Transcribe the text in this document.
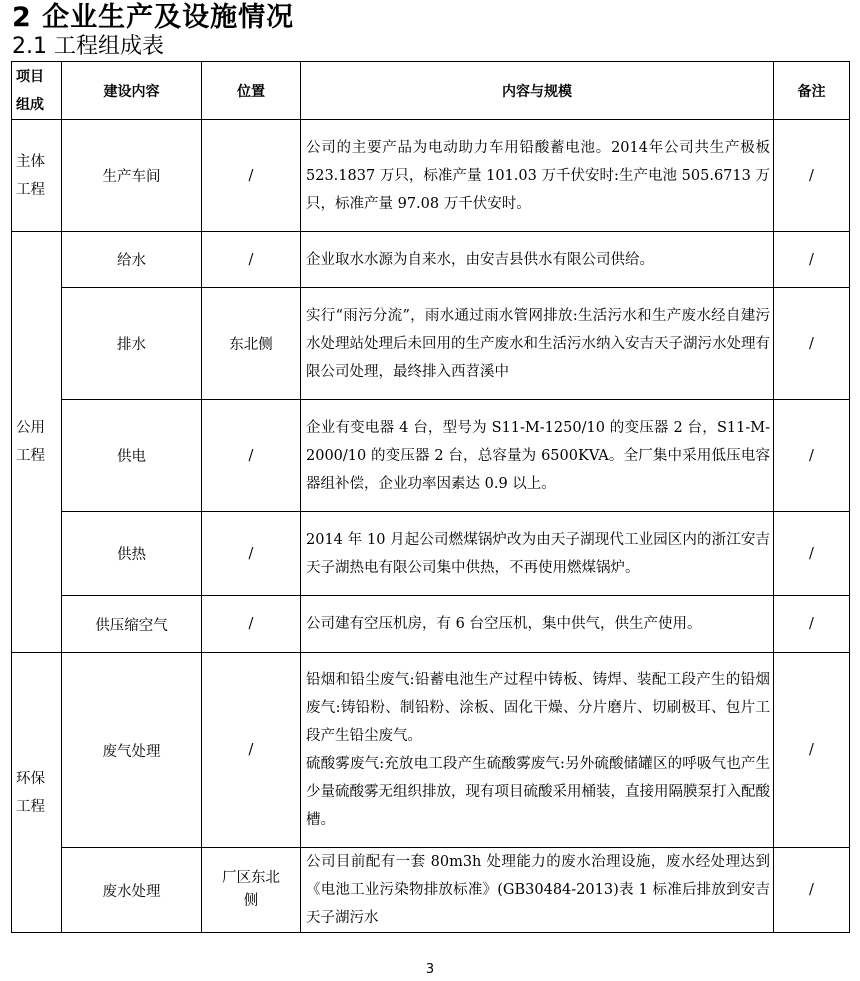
2 企业生产及设施情况
2.1 工程组成表
项目
组成	建设内容	位置	内容与规模	备注
主体
工程	生产车间	/	公司的主要产品为电动助力车用铅酸蓄电池。2014年公司共生产极板 523.1837 万只，标准产量 101.03 万千伏安时:生产电池 505.6713 万只，标准产量 97.08 万千伏安时。	/
公用
工程	给水	/	企业取水水源为自来水，由安吉县供水有限公司供给。	/
	排水	东北侧	实行“雨污分流”，雨水通过雨水管网排放:生活污水和生产废水经自建污水处理站处理后未回用的生产废水和生活污水纳入安吉天子湖污水处理有限公司处理，最终排入西苕溪中	/
	供电	/	企业有变电器 4 台，型号为 S11-M-1250/10 的变压器 2 台，S11-M-2000/10 的变压器 2 台，总容量为 6500KVA。全厂集中采用低压电容器组补偿，企业功率因素达 0.9 以上。	/
	供热	/	2014 年 10 月起公司燃煤锅炉改为由天子湖现代工业园区内的浙江安吉天子湖热电有限公司集中供热，不再使用燃煤锅炉。	/
	供压缩空气	/	公司建有空压机房，有 6 台空压机，集中供气，供生产使用。	/
环保
工程	废气处理	/	铅烟和铅尘废气:铅蓄电池生产过程中铸板、铸焊、装配工段产生的铅烟废气:铸铅粉、制铅粉、涂板、固化干燥、分片磨片、切刷极耳、包片工段产生铅尘废气。
硫酸雾废气:充放电工段产生硫酸雾废气:另外硫酸储罐区的呼吸气也产生少量硫酸雾无组织排放，现有项目硫酸采用桶装，直接用隔膜泵打入配酸槽。	/
	废水处理	厂区东北
侧	公司目前配有一套 80m3h 处理能力的废水治理设施，废水经处理达到《电池工业污染物排放标准》(GB30484-2013)表 1 标准后排放到安吉天子湖污水	/
3
